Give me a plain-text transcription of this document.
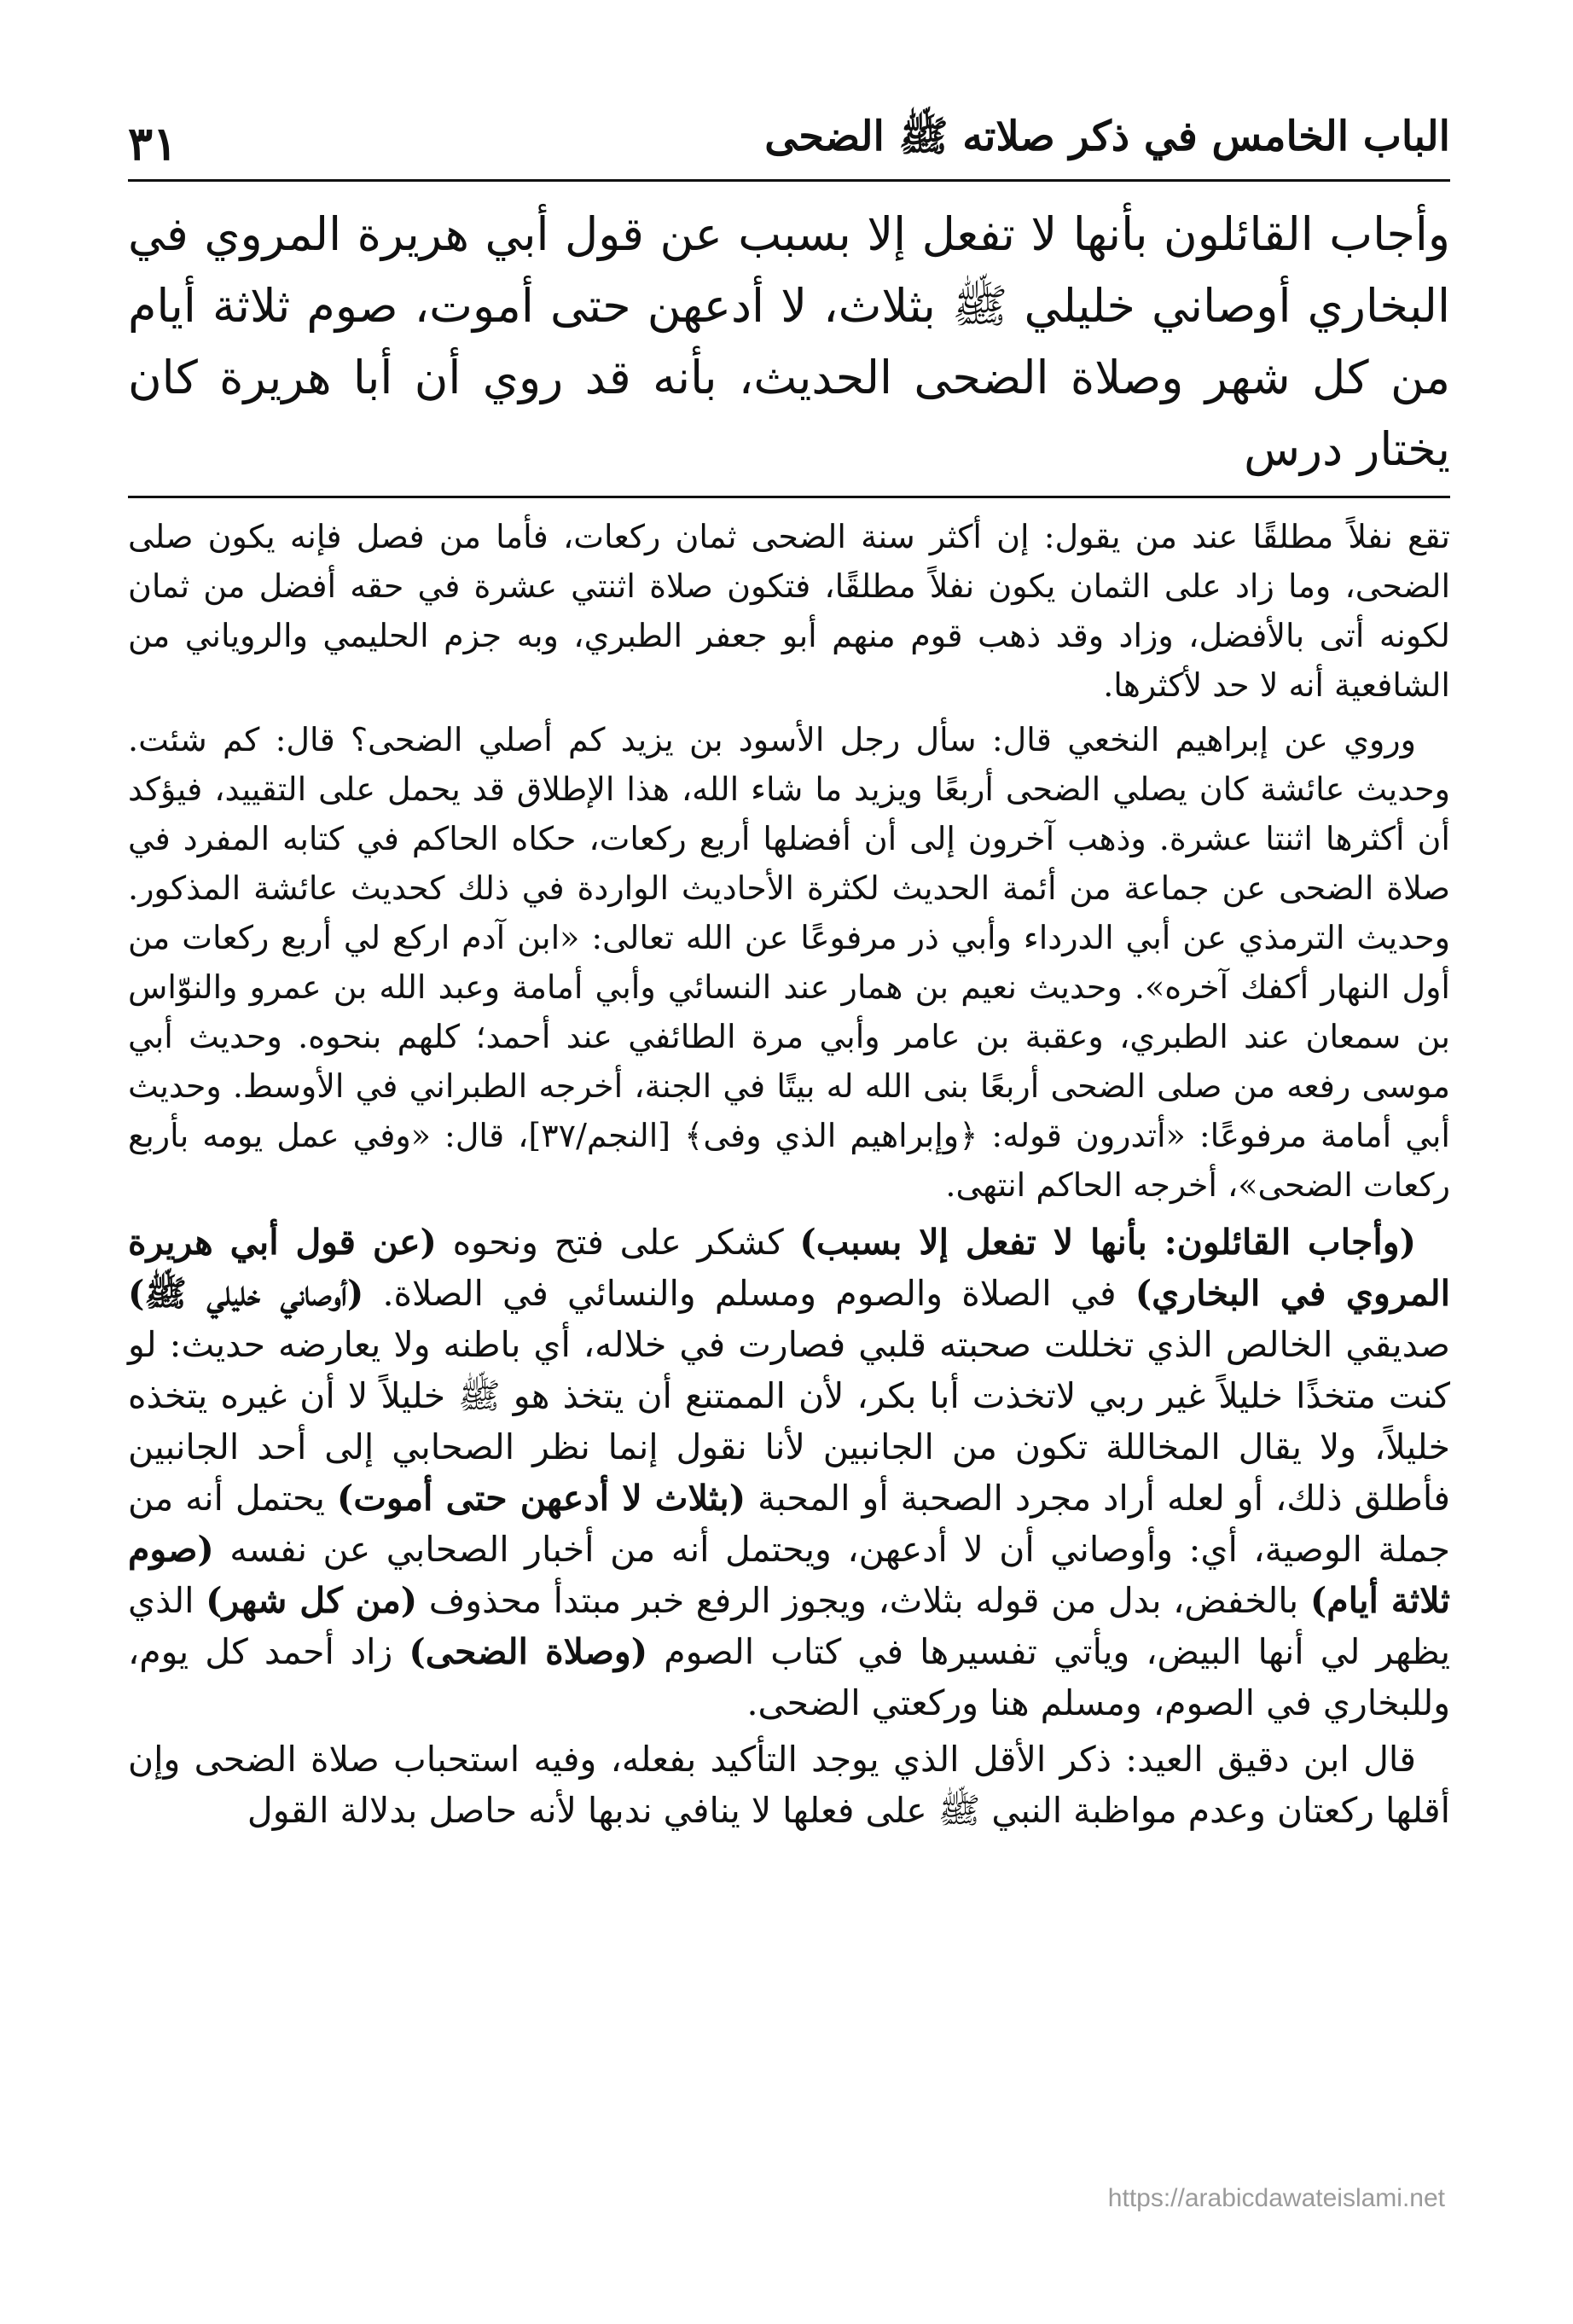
الباب الخامس في ذكر صلاته ﷺ الضحى
٣١
وأجاب القائلون بأنها لا تفعل إلا بسبب عن قول أبي هريرة المروي في البخاري أوصاني خليلي ﷺ بثلاث، لا أدعهن حتى أموت، صوم ثلاثة أيام من كل شهر وصلاة الضحى الحديث، بأنه قد روي أن أبا هريرة كان يختار درس

تقع نفلاً مطلقًا عند من يقول: إن أكثر سنة الضحى ثمان ركعات، فأما من فصل فإنه يكون صلى الضحى، وما زاد على الثمان يكون نفلاً مطلقًا، فتكون صلاة اثنتي عشرة في حقه أفضل من ثمان لكونه أتى بالأفضل، وزاد وقد ذهب قوم منهم أبو جعفر الطبري، وبه جزم الحليمي والروياني من الشافعية أنه لا حد لأكثرها.

وروي عن إبراهيم النخعي قال: سأل رجل الأسود بن يزيد كم أصلي الضحى؟ قال: كم شئت. وحديث عائشة كان يصلي الضحى أربعًا ويزيد ما شاء الله، هذا الإطلاق قد يحمل على التقييد، فيؤكد أن أكثرها اثنتا عشرة. وذهب آخرون إلى أن أفضلها أربع ركعات، حكاه الحاكم في كتابه المفرد في صلاة الضحى عن جماعة من أئمة الحديث لكثرة الأحاديث الواردة في ذلك كحديث عائشة المذكور. وحديث الترمذي عن أبي الدرداء وأبي ذر مرفوعًا عن الله تعالى: «ابن آدم اركع لي أربع ركعات من أول النهار أكفك آخره». وحديث نعيم بن همار عند النسائي وأبي أمامة وعبد الله بن عمرو والنوّاس بن سمعان عند الطبري، وعقبة بن عامر وأبي مرة الطائفي عند أحمد؛ كلهم بنحوه. وحديث أبي موسى رفعه من صلى الضحى أربعًا بنى الله له بيتًا في الجنة، أخرجه الطبراني في الأوسط. وحديث أبي أمامة مرفوعًا: «أتدرون قوله: ﴿وإبراهيم الذي وفى﴾ [النجم/٣٧]، قال: «وفي عمل يومه بأربع ركعات الضحى»، أخرجه الحاكم انتهى.

(وأجاب القائلون: بأنها لا تفعل إلا بسبب) كشكر على فتح ونحوه (عن قول أبي هريرة المروي في البخاري) في الصلاة والصوم ومسلم والنسائي في الصلاة. (أوصاني خليلي ﷺ) صديقي الخالص الذي تخللت صحبته قلبي فصارت في خلاله، أي باطنه ولا يعارضه حديث: لو كنت متخذًا خليلاً غير ربي لاتخذت أبا بكر، لأن الممتنع أن يتخذ هو ﷺ خليلاً لا أن غيره يتخذه خليلاً، ولا يقال المخاللة تكون من الجانبين لأنا نقول إنما نظر الصحابي إلى أحد الجانبين فأطلق ذلك، أو لعله أراد مجرد الصحبة أو المحبة (بثلاث لا أدعهن حتى أموت) يحتمل أنه من جملة الوصية، أي: وأوصاني أن لا أدعهن، ويحتمل أنه من أخبار الصحابي عن نفسه (صوم ثلاثة أيام) بالخفض، بدل من قوله بثلاث، ويجوز الرفع خبر مبتدأ محذوف (من كل شهر) الذي يظهر لي أنها البيض، ويأتي تفسيرها في كتاب الصوم (وصلاة الضحى) زاد أحمد كل يوم، وللبخاري في الصوم، ومسلم هنا وركعتي الضحى.

قال ابن دقيق العيد: ذكر الأقل الذي يوجد التأكيد بفعله، وفيه استحباب صلاة الضحى وإن أقلها ركعتان وعدم مواظبة النبي ﷺ على فعلها لا ينافي ندبها لأنه حاصل بدلالة القول

https://arabicdawateislami.net
